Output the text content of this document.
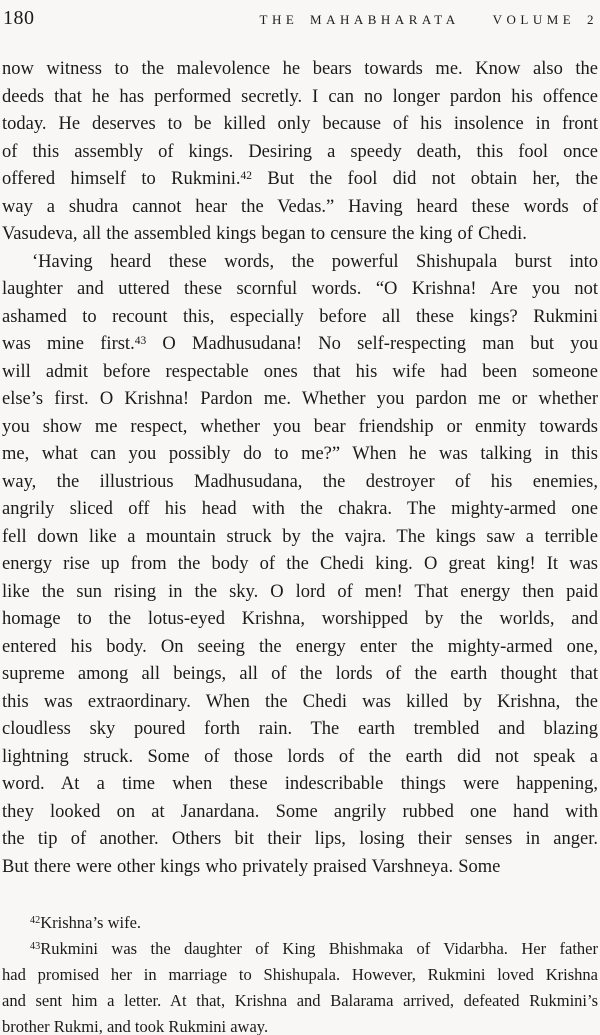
180	THE MAHABHARATA	VOLUME 2
now witness to the malevolence he bears towards me. Know also the
deeds that he has performed secretly. I can no longer pardon his offence
today. He deserves to be killed only because of his insolence in front
of this assembly of kings. Desiring a speedy death, this fool once
offered himself to Rukmini.$^{42}$ But the fool did not obtain her, the
way a shudra cannot hear the Vedas.” Having heard these words of
Vasudeva, all the assembled kings began to censure the king of Chedi.
‘Having heard these words, the powerful Shishupala burst into
laughter and uttered these scornful words. “O Krishna! Are you not
ashamed to recount this, especially before all these kings? Rukmini
was mine first.$^{43}$ O Madhusudana! No self-respecting man but you
will admit before respectable ones that his wife had been someone
else’s first. O Krishna! Pardon me. Whether you pardon me or whether
you show me respect, whether you bear friendship or enmity towards
me, what can you possibly do to me?” When he was talking in this
way, the illustrious Madhusudana, the destroyer of his enemies,
angrily sliced off his head with the chakra. The mighty-armed one
fell down like a mountain struck by the vajra. The kings saw a terrible
energy rise up from the body of the Chedi king. O great king! It was
like the sun rising in the sky. O lord of men! That energy then paid
homage to the lotus-eyed Krishna, worshipped by the worlds, and
entered his body. On seeing the energy enter the mighty-armed one,
supreme among all beings, all of the lords of the earth thought that
this was extraordinary. When the Chedi was killed by Krishna, the
cloudless sky poured forth rain. The earth trembled and blazing
lightning struck. Some of those lords of the earth did not speak a
word. At a time when these indescribable things were happening,
they looked on at Janardana. Some angrily rubbed one hand with
the tip of another. Others bit their lips, losing their senses in anger.
But there were other kings who privately praised Varshneya. Some
$^{42}$Krishna’s wife.
$^{43}$Rukmini was the daughter of King Bhishmaka of Vidarbha. Her father
had promised her in marriage to Shishupala. However, Rukmini loved Krishna
and sent him a letter. At that, Krishna and Balarama arrived, defeated Rukmini’s
brother Rukmi, and took Rukmini away.
